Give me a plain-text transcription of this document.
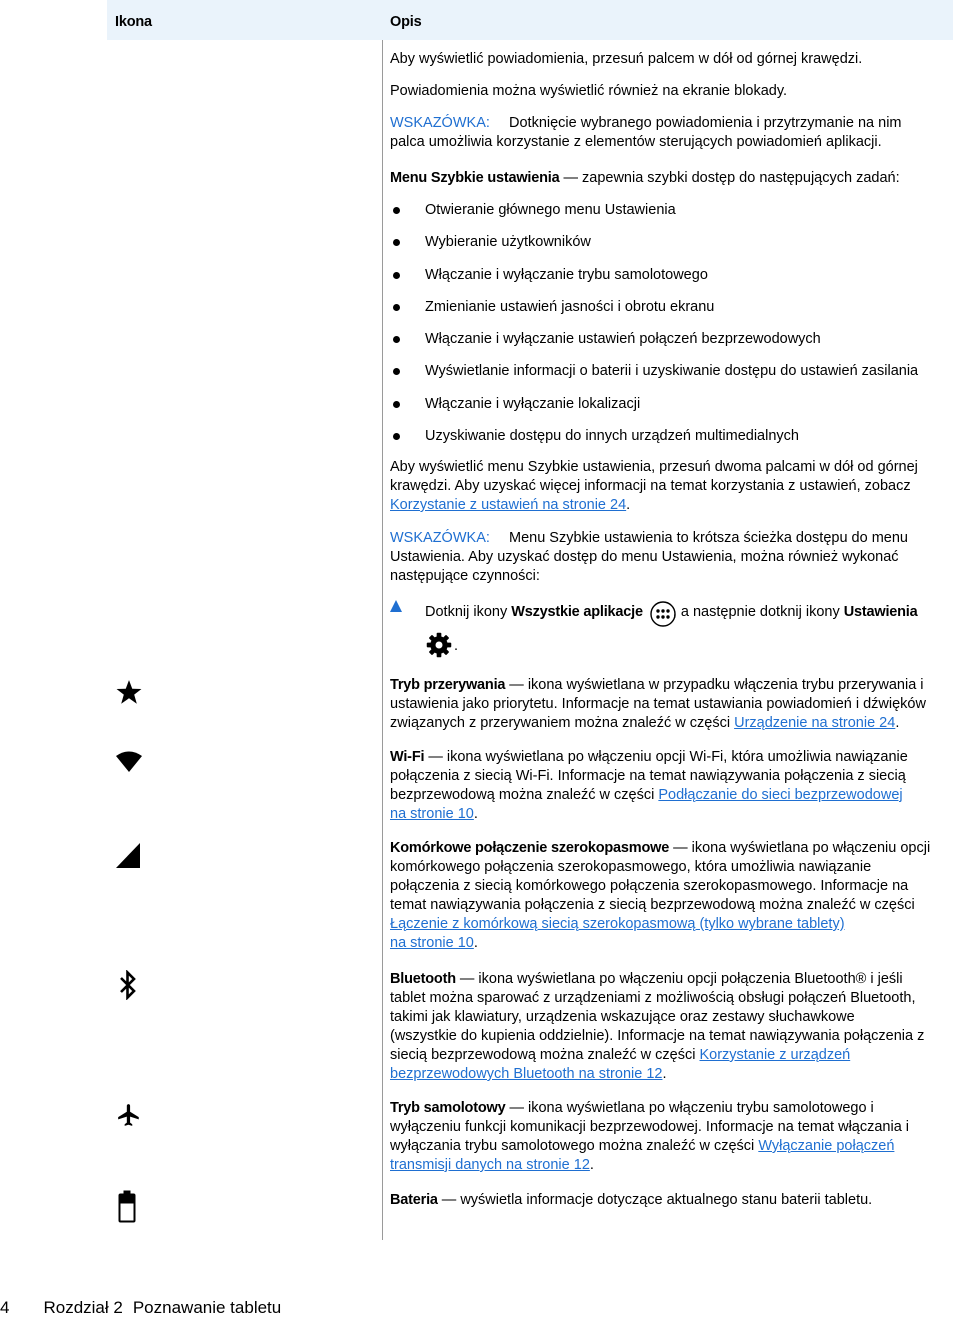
Ikona	Opis
Aby wyświetlić powiadomienia, przesuń palcem w dół od górnej krawędzi.
Powiadomienia można wyświetlić również na ekranie blokady.
WSKAZÓWKA: Dotknięcie wybranego powiadomienia i przytrzymanie na nim
palca umożliwia korzystanie z elementów sterujących powiadomień aplikacji.
Menu Szybkie ustawienia — zapewnia szybki dostęp do następujących zadań:
Otwieranie głównego menu Ustawienia
Wybieranie użytkowników
Włączanie i wyłączanie trybu samolotowego
Zmienianie ustawień jasności i obrotu ekranu
Włączanie i wyłączanie ustawień połączeń bezprzewodowych
Wyświetlanie informacji o baterii i uzyskiwanie dostępu do ustawień zasilania
Włączanie i wyłączanie lokalizacji
Uzyskiwanie dostępu do innych urządzeń multimedialnych
Aby wyświetlić menu Szybkie ustawienia, przesuń dwoma palcami w dół od górnej
krawędzi. Aby uzyskać więcej informacji na temat korzystania z ustawień, zobacz
Korzystanie z ustawień na stronie 24.
WSKAZÓWKA: Menu Szybkie ustawienia to krótsza ścieżka dostępu do menu
Ustawienia. Aby uzyskać dostęp do menu Ustawienia, można również wykonać
następujące czynności:
Dotknij ikony Wszystkie aplikacje , a następnie dotknij ikony Ustawienia
.
Tryb przerywania — ikona wyświetlana w przypadku włączenia trybu przerywania i
ustawienia jako priorytetu. Informacje na temat ustawiania powiadomień i dźwięków
związanych z przerywaniem można znaleźć w części Urządzenie na stronie 24.
Wi-Fi — ikona wyświetlana po włączeniu opcji Wi-Fi, która umożliwia nawiązanie
połączenia z siecią Wi-Fi. Informacje na temat nawiązywania połączenia z siecią
bezprzewodową można znaleźć w części Podłączanie do sieci bezprzewodowej
na stronie 10.
Komórkowe połączenie szerokopasmowe — ikona wyświetlana po włączeniu opcji
komórkowego połączenia szerokopasmowego, która umożliwia nawiązanie
połączenia z siecią komórkowego połączenia szerokopasmowego. Informacje na
temat nawiązywania połączenia z siecią bezprzewodową można znaleźć w części
Łączenie z komórkową siecią szerokopasmową (tylko wybrane tablety)
na stronie 10.
Bluetooth — ikona wyświetlana po włączeniu opcji połączenia Bluetooth® i jeśli
tablet można sparować z urządzeniami z możliwością obsługi połączeń Bluetooth,
takimi jak klawiatury, urządzenia wskazujące oraz zestawy słuchawkowe
(wszystkie do kupienia oddzielnie). Informacje na temat nawiązywania połączenia z
siecią bezprzewodową można znaleźć w części Korzystanie z urządzeń
bezprzewodowych Bluetooth na stronie 12.
Tryb samolotowy — ikona wyświetlana po włączeniu trybu samolotowego i
wyłączeniu funkcji komunikacji bezprzewodowej. Informacje na temat włączania i
wyłączania trybu samolotowego można znaleźć w części Wyłączanie połączeń
transmisji danych na stronie 12.
Bateria — wyświetla informacje dotyczące aktualnego stanu baterii tabletu.
4 Rozdział 2 Poznawanie tabletu
